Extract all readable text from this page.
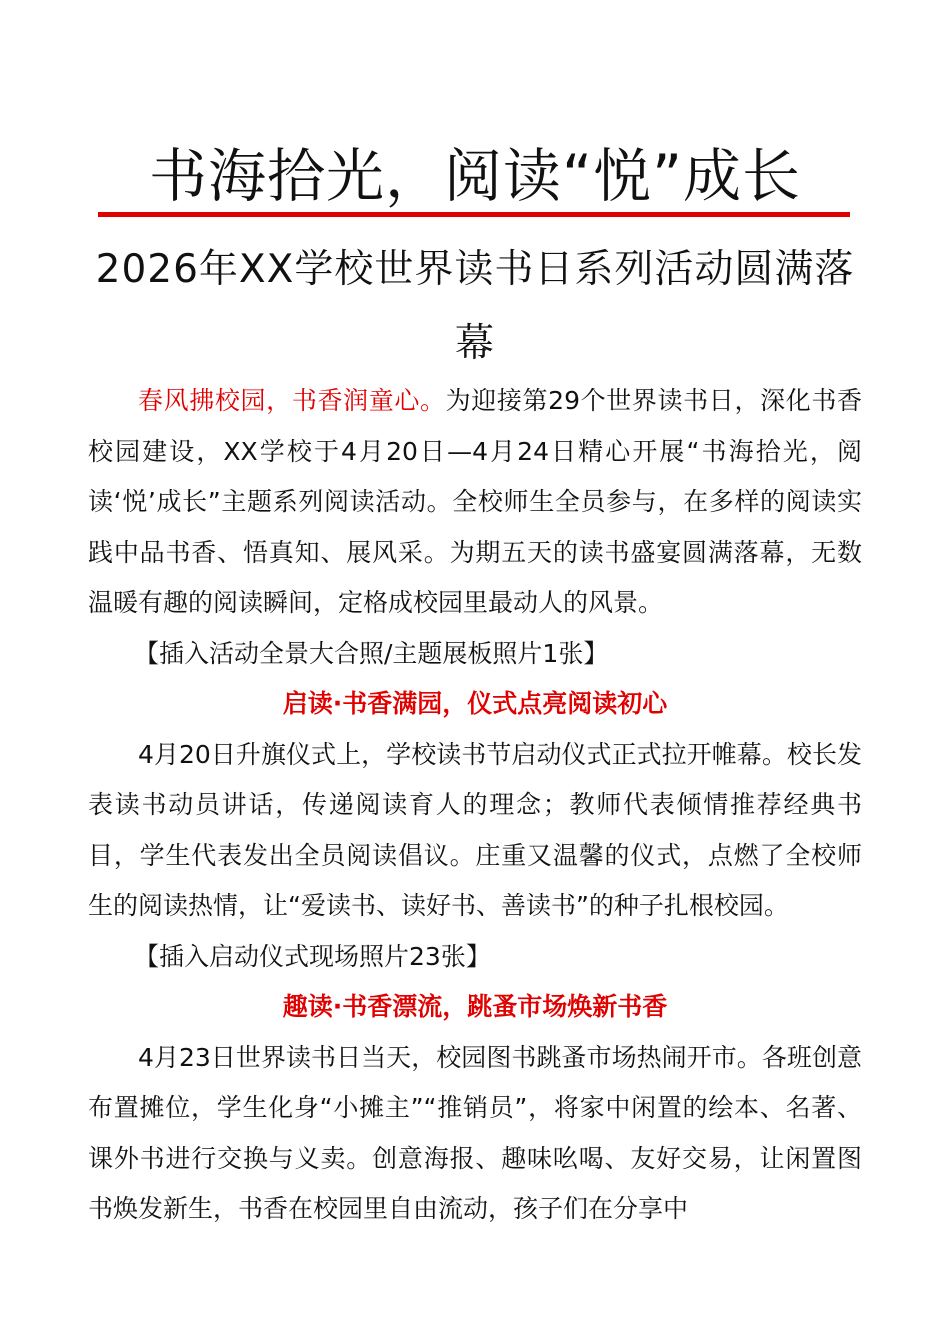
书海拾光，阅读“悦”成长
2026年XX学校世界读书日系列活动圆满落幕

春风拂校园，书香润童心。为迎接第29个世界读书日，深化书香校园建设，XX学校于4月20日—4月24日精心开展“书海拾光，阅读‘悦’成长”主题系列阅读活动。全校师生全员参与，在多样的阅读实践中品书香、悟真知、展风采。为期五天的读书盛宴圆满落幕，无数温暖有趣的阅读瞬间，定格成校园里最动人的风景。

【插入活动全景大合照/主题展板照片1张】

启读·书香满园，仪式点亮阅读初心

4月20日升旗仪式上，学校读书节启动仪式正式拉开帷幕。校长发表读书动员讲话，传递阅读育人的理念；教师代表倾情推荐经典书目，学生代表发出全员阅读倡议。庄重又温馨的仪式，点燃了全校师生的阅读热情，让“爱读书、读好书、善读书”的种子扎根校园。

【插入启动仪式现场照片23张】

趣读·书香漂流，跳蚤市场焕新书香

4月23日世界读书日当天，校园图书跳蚤市场热闹开市。各班创意布置摊位，学生化身“小摊主”“推销员”，将家中闲置的绘本、名著、课外书进行交换与义卖。创意海报、趣味吆喝、友好交易，让闲置图书焕发新生，书香在校园里自由流动，孩子们在分享中
